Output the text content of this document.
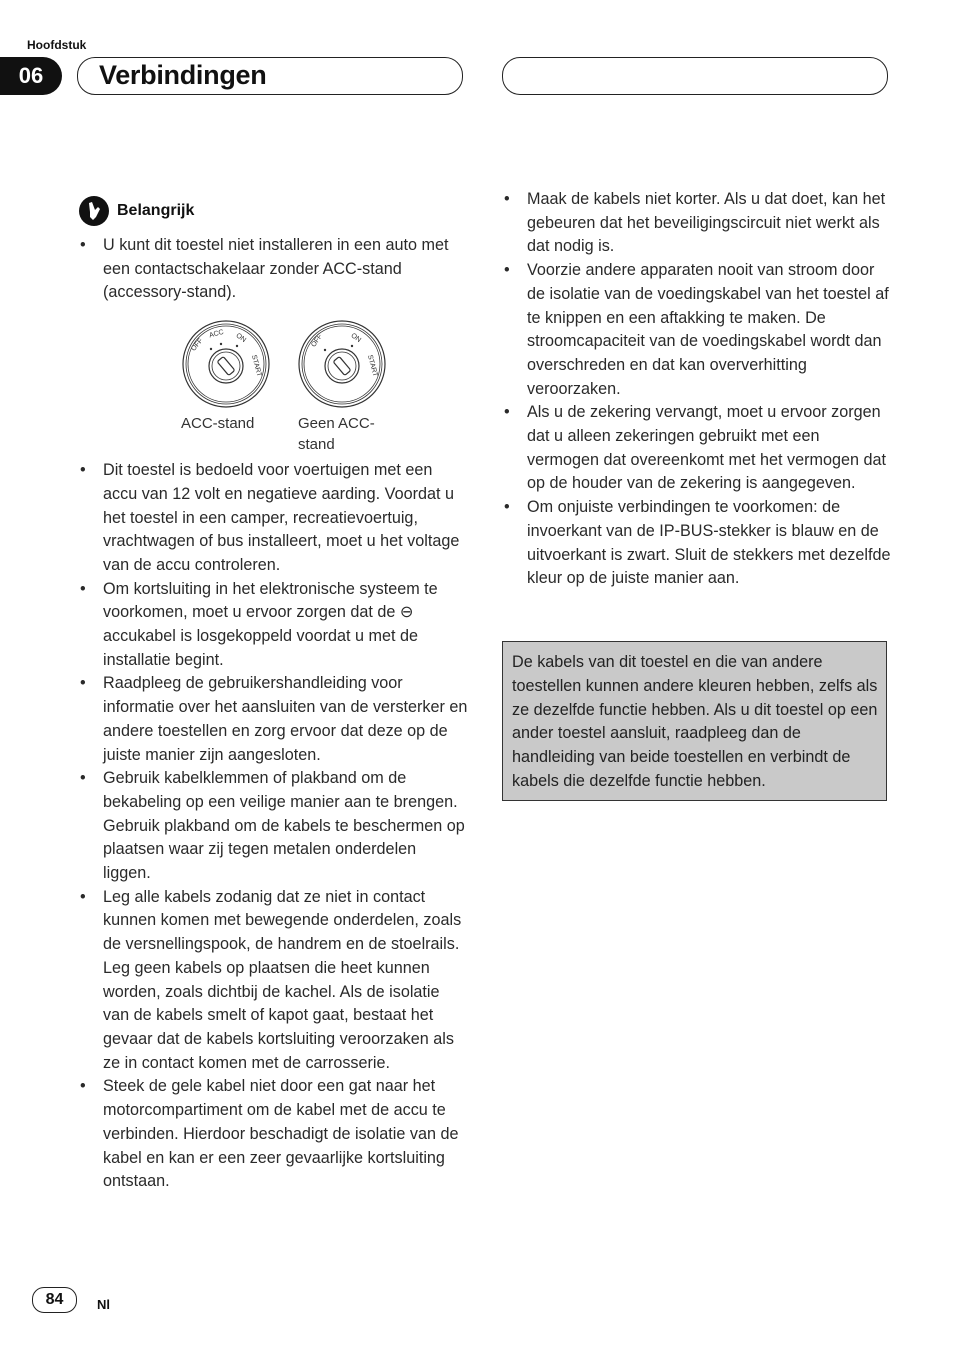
Hoofdstuk
06	Verbindingen
Belangrijk
• U kunt dit toestel niet installeren in een auto met een contactschakelaar zonder ACC-stand (accessory-stand).
OFF
ACC ON
START
OFF	ON
START
ACC-stand	Geen ACC-stand
• Dit toestel is bedoeld voor voertuigen met een accu van 12 volt en negatieve aarding. Voordat u het toestel in een camper, recreatievoertuig, vrachtwagen of bus installeert, moet u het voltage van de accu controleren.
• Om kortsluiting in het elektronische systeem te voorkomen, moet u ervoor zorgen dat de ⊖ accukabel is losgekoppeld voordat u met de installatie begint.
• Raadpleeg de gebruikershandleiding voor informatie over het aansluiten van de versterker en andere toestellen en zorg ervoor dat deze op de juiste manier zijn aangesloten.
• Gebruik kabelklemmen of plakband om de bekabeling op een veilige manier aan te brengen. Gebruik plakband om de kabels te beschermen op plaatsen waar zij tegen metalen onderdelen liggen.
• Leg alle kabels zodanig dat ze niet in contact kunnen komen met bewegende onderdelen, zoals de versnellingspook, de handrem en de stoelrails. Leg geen kabels op plaatsen die heet kunnen worden, zoals dichtbij de kachel. Als de isolatie van de kabels smelt of kapot gaat, bestaat het gevaar dat de kabels kortsluiting veroorzaken als ze in contact komen met de carrosserie.
• Steek de gele kabel niet door een gat naar het motorcompartiment om de kabel met de accu te verbinden. Hierdoor beschadigt de isolatie van de kabel en kan er een zeer gevaarlijke kortsluiting ontstaan.
• Maak de kabels niet korter. Als u dat doet, kan het gebeuren dat het beveiligingscircuit niet werkt als dat nodig is.
• Voorzie andere apparaten nooit van stroom door de isolatie van de voedingskabel van het toestel af te knippen en een aftakking te maken. De stroomcapaciteit van de voedingskabel wordt dan overschreden en dat kan oververhitting veroorzaken.
• Als u de zekering vervangt, moet u ervoor zorgen dat u alleen zekeringen gebruikt met een vermogen dat overeenkomt met het vermogen dat op de houder van de zekering is aangegeven.
• Om onjuiste verbindingen te voorkomen: de invoerkant van de IP-BUS-stekker is blauw en de uitvoerkant is zwart. Sluit de stekkers met dezelfde kleur op de juiste manier aan.
De kabels van dit toestel en die van andere toestellen kunnen andere kleuren hebben, zelfs als ze dezelfde functie hebben. Als u dit toestel op een ander toestel aansluit, raadpleeg dan de handleiding van beide toestellen en verbindt de kabels die dezelfde functie hebben.
84	Nl
